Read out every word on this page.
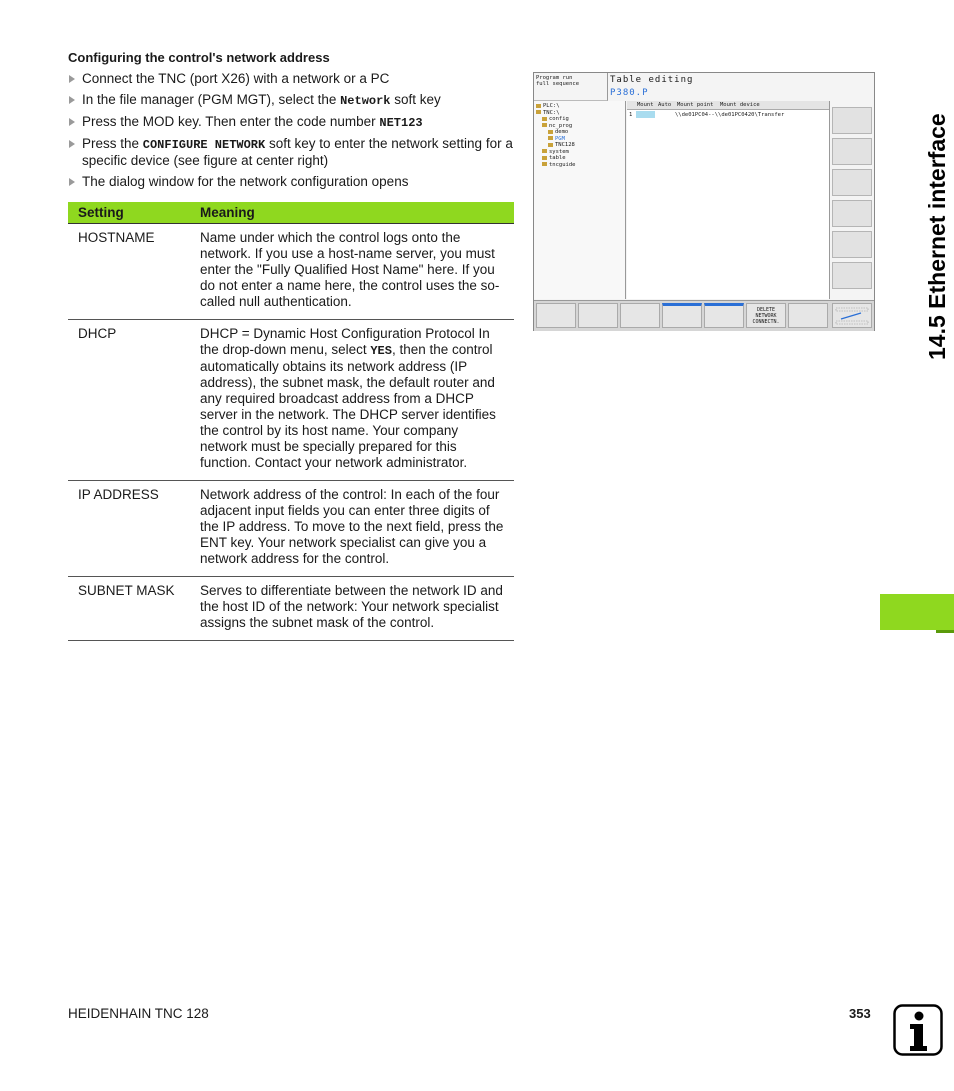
Configuring the control's network address
Connect the TNC (port X26) with a network or a PC
In the file manager (PGM MGT), select the Network soft key
Press the MOD key. Then enter the code number NET123
Press the CONFIGURE NETWORK soft key to enter the network setting for a specific device (see figure at center right)
The dialog window for the network configuration opens
Setting	Meaning
HOSTNAME	Name under which the control logs onto the network. If you use a host-name server, you must enter the "Fully Qualified Host Name" here. If you do not enter a name here, the control uses the so-called null authentication.
DHCP	DHCP = Dynamic Host Configuration Protocol In the drop-down menu, select YES, then the control automatically obtains its network address (IP address), the subnet mask, the default router and any required broadcast address from a DHCP server in the network. The DHCP server identifies the control by its host name. Your company network must be specially prepared for this function. Contact your network administrator.
IP ADDRESS	Network address of the control: In each of the four adjacent input fields you can enter three digits of the IP address. To move to the next field, press the ENT key. Your network specialist can give you a network address for the control.
SUBNET MASK	Serves to differentiate between the network ID and the host ID of the network: Your network specialist assigns the subnet mask of the control.
Program run
full sequence	Table editing
P380.P
PLC:\
TNC:\
config
nc_prog
demo
PGM
TNC128
system
table
tncguide
Mount Auto Mount point Mount device
1	\\de01PC04--\\de01PC0420\Transfer
DELETE
NETWORK
CONNECTN.	14.5 Ethernet interface
HEIDENHAIN TNC 128	353
